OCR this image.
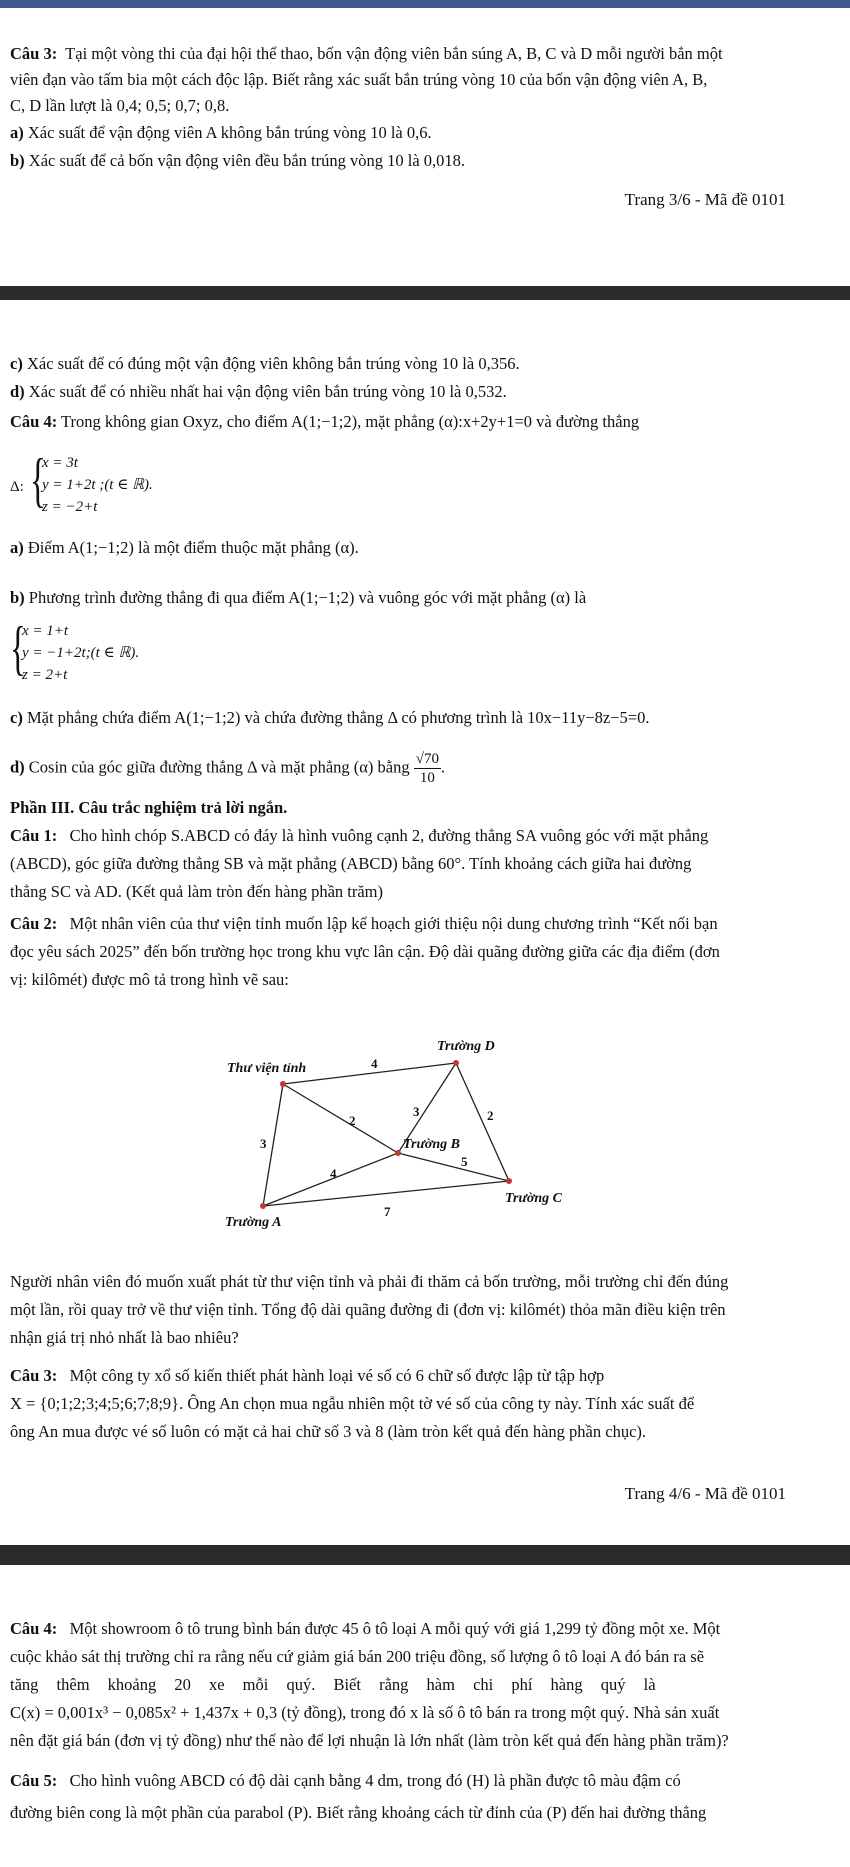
Câu 3: Tại một vòng thi của đại hội thể thao, bốn vận động viên bắn súng A, B, C và D mỗi người bắn một
viên đạn vào tấm bia một cách độc lập. Biết rằng xác suất bắn trúng vòng 10 của bốn vận động viên A, B,
C, D lần lượt là 0,4; 0,5; 0,7; 0,8.
a) Xác suất để vận động viên A không bắn trúng vòng 10 là 0,6.
b) Xác suất để cả bốn vận động viên đều bắn trúng vòng 10 là 0,018.
Trang 3/6 - Mã đề 0101
c) Xác suất để có đúng một vận động viên không bắn trúng vòng 10 là 0,356.
d) Xác suất để có nhiều nhất hai vận động viên bắn trúng vòng 10 là 0,532.
Câu 4: Trong không gian Oxyz, cho điểm A(1;−1;2), mặt phẳng (α):x+2y+1=0 và đường thẳng
Δ: {
x = 3t
y = 1+2t ;(t ∈ ℝ).
z = −2+t
a) Điểm A(1;−1;2) là một điểm thuộc mặt phẳng (α).
b) Phương trình đường thẳng đi qua điểm A(1;−1;2) và vuông góc với mặt phẳng (α) là
{
x = 1+t
y = −1+2t;(t ∈ ℝ).
z = 2+t
c) Mặt phẳng chứa điểm A(1;−1;2) và chứa đường thẳng Δ có phương trình là 10x−11y−8z−5=0.
d) Cosin của góc giữa đường thẳng Δ và mặt phẳng (α) bằng $\frac{√70}{10}$ .
Phần III. Câu trắc nghiệm trả lời ngắn.
Câu 1: Cho hình chóp S.ABCD có đáy là hình vuông cạnh 2, đường thẳng SA vuông góc với mặt phẳng
(ABCD), góc giữa đường thẳng SB và mặt phẳng (ABCD) bằng 60°. Tính khoảng cách giữa hai đường
thẳng SC và AD. (Kết quả làm tròn đến hàng phần trăm)
Câu 2: Một nhân viên của thư viện tỉnh muốn lập kế hoạch giới thiệu nội dung chương trình “Kết nối bạn
đọc yêu sách 2025” đến bốn trường học trong khu vực lân cận. Độ dài quãng đường giữa các địa điểm (đơn
vị: kilômét) được mô tả trong hình vẽ sau:
Thư viện tỉnh
Trường D
Trường B
Trường A
Trường C
4
2
3
3	2
4
5
7
Người nhân viên đó muốn xuất phát từ thư viện tỉnh và phải đi thăm cả bốn trường, mỗi trường chỉ đến đúng
một lần, rồi quay trở về thư viện tỉnh. Tổng độ dài quãng đường đi (đơn vị: kilômét) thỏa mãn điều kiện trên
nhận giá trị nhỏ nhất là bao nhiêu?
Câu 3: Một công ty xổ số kiến thiết phát hành loại vé số có 6 chữ số được lập từ tập hợp
X = {0;1;2;3;4;5;6;7;8;9}. Ông An chọn mua ngẫu nhiên một tờ vé số của công ty này. Tính xác suất để
ông An mua được vé số luôn có mặt cả hai chữ số 3 và 8 (làm tròn kết quả đến hàng phần chục).
Trang 4/6 - Mã đề 0101
Câu 4: Một showroom ô tô trung bình bán được 45 ô tô loại A mỗi quý với giá 1,299 tỷ đồng một xe. Một
cuộc khảo sát thị trường chỉ ra rằng nếu cứ giảm giá bán 200 triệu đồng, số lượng ô tô loại A đó bán ra sẽ
tăng thêm khoảng 20 xe mỗi quý. Biết rằng hàm chi phí hàng quý là
C(x) = 0,001x³ − 0,085x² + 1,437x + 0,3 (tỷ đồng), trong đó x là số ô tô bán ra trong một quý. Nhà sản xuất
nên đặt giá bán (đơn vị tỷ đồng) như thế nào để lợi nhuận là lớn nhất (làm tròn kết quả đến hàng phần trăm)?
Câu 5: Cho hình vuông ABCD có độ dài cạnh bằng 4 dm, trong đó (H) là phần được tô màu đậm có
đường biên cong là một phần của parabol (P). Biết rằng khoảng cách từ đỉnh của (P) đến hai đường thẳng
